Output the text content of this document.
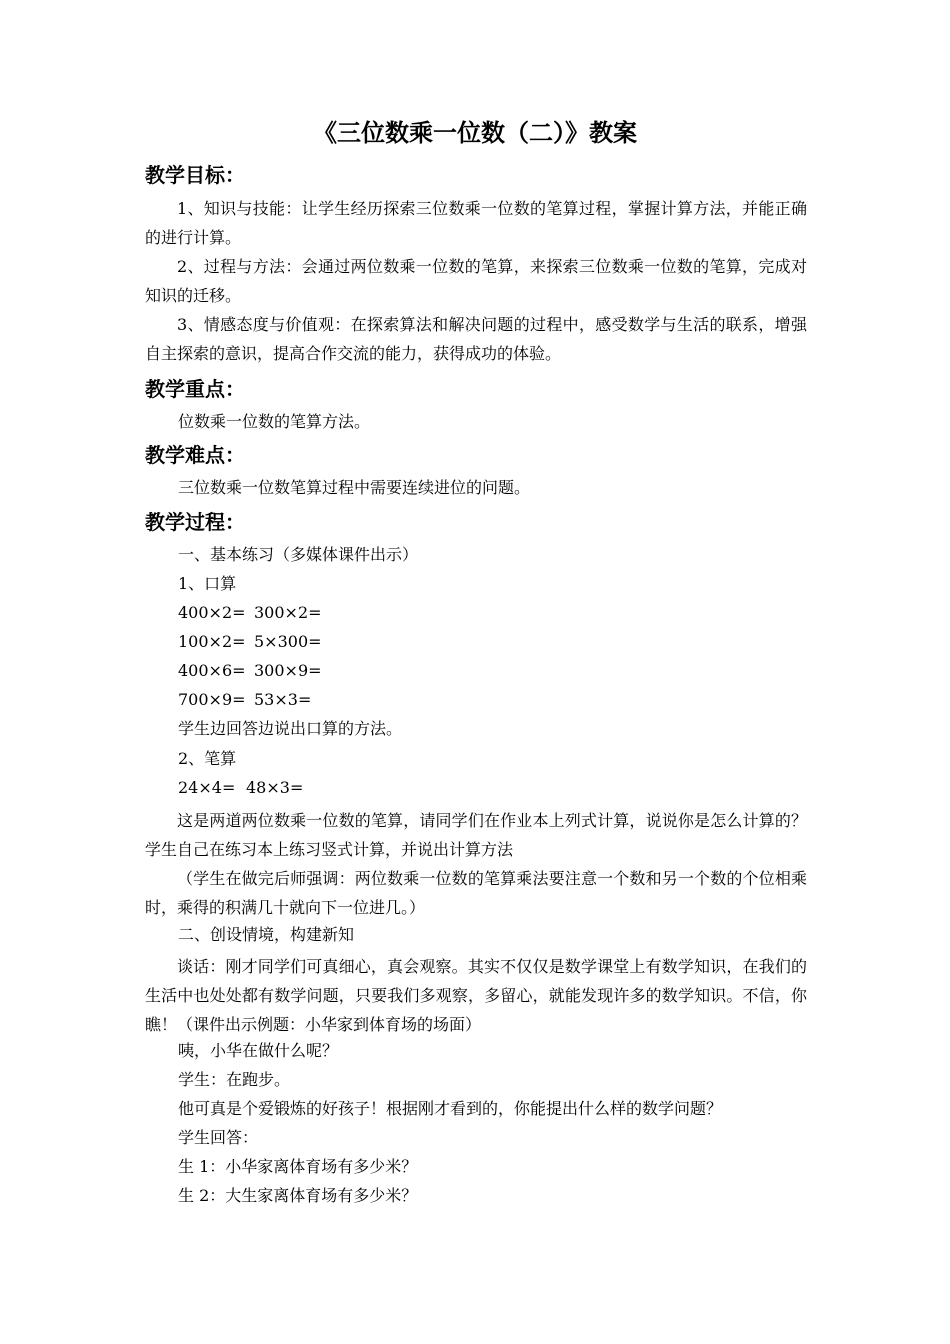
《三位数乘一位数（二）》教案
教学目标：
1、知识与技能：让学生经历探索三位数乘一位数的笔算过程，掌握计算方法，并能正确的进行计算。
2、过程与方法：会通过两位数乘一位数的笔算，来探索三位数乘一位数的笔算，完成对知识的迁移。
3、情感态度与价值观：在探索算法和解决问题的过程中，感受数学与生活的联系，增强自主探索的意识，提高合作交流的能力，获得成功的体验。
教学重点：
位数乘一位数的笔算方法。
教学难点：
三位数乘一位数笔算过程中需要连续进位的问题。
教学过程：
一、基本练习（多媒体课件出示）
1、口算
400×2= 300×2=
100×2= 5×300=
400×6= 300×9=
700×9= 53×3=
学生边回答边说出口算的方法。
2、笔算
24×4= 48×3=
这是两道两位数乘一位数的笔算，请同学们在作业本上列式计算，说说你是怎么计算的？学生自己在练习本上练习竖式计算，并说出计算方法
（学生在做完后师强调：两位数乘一位数的笔算乘法要注意一个数和另一个数的个位相乘时，乘得的积满几十就向下一位进几。）
二、创设情境，构建新知
谈话：刚才同学们可真细心，真会观察。其实不仅仅是数学课堂上有数学知识，在我们的生活中也处处都有数学问题，只要我们多观察，多留心，就能发现许多的数学知识。不信，你瞧！（课件出示例题：小华家到体育场的场面）
咦，小华在做什么呢？
学生：在跑步。
他可真是个爱锻炼的好孩子！根据刚才看到的，你能提出什么样的数学问题？
学生回答：
生 1：小华家离体育场有多少米？
生 2：大生家离体育场有多少米？
